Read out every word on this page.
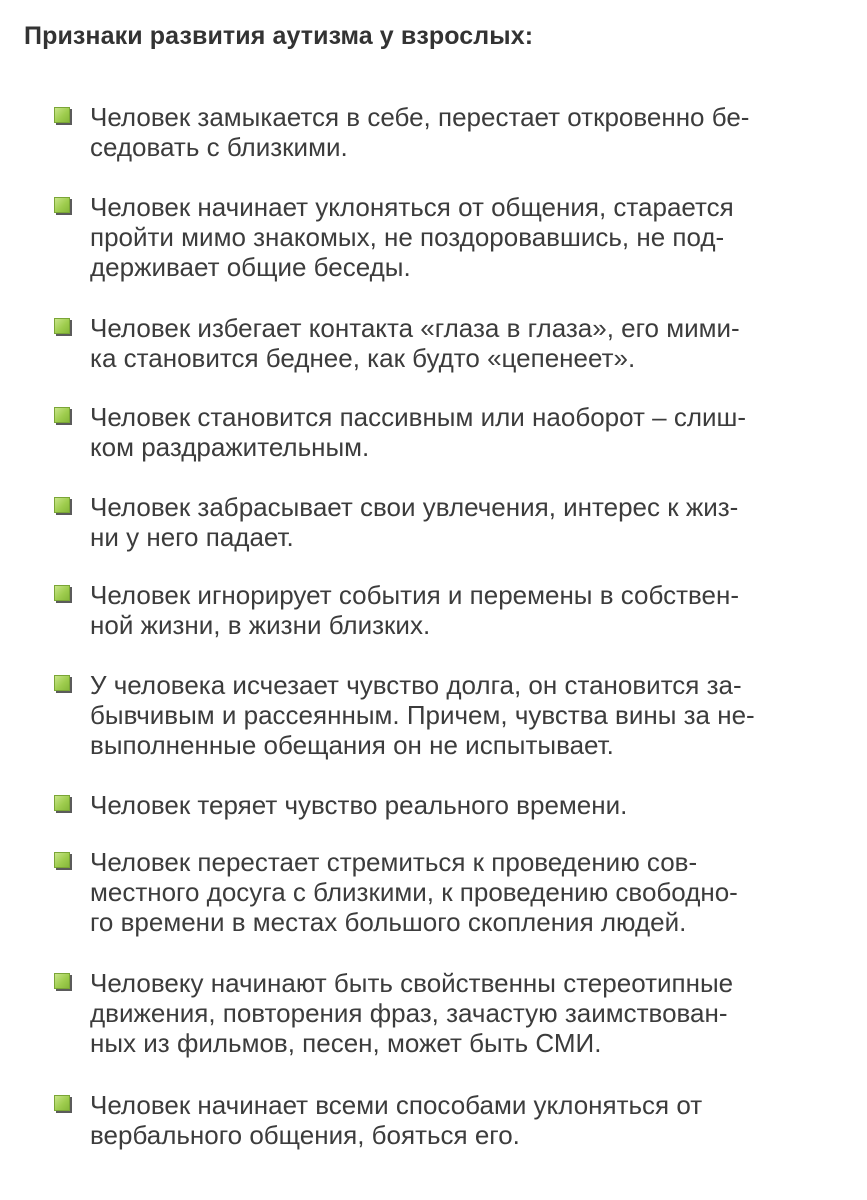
Признаки развития аутизма у взрослых:
Человек замыкается в себе, перестает откровенно бе-
седовать с близкими.
Человек начинает уклоняться от общения, старается
пройти мимо знакомых, не поздоровавшись, не под-
держивает общие беседы.
Человек избегает контакта «глаза в глаза», его мими-
ка становится беднее, как будто «цепенеет».
Человек становится пассивным или наоборот – слиш-
ком раздражительным.
Человек забрасывает свои увлечения, интерес к жиз-
ни у него падает.
Человек игнорирует события и перемены в собствен-
ной жизни, в жизни близких.
У человека исчезает чувство долга, он становится за-
бывчивым и рассеянным. Причем, чувства вины за не-
выполненные обещания он не испытывает.
Человек теряет чувство реального времени.
Человек перестает стремиться к проведению сов-
местного досуга с близкими, к проведению свободно-
го времени в местах большого скопления людей.
Человеку начинают быть свойственны стереотипные
движения, повторения фраз, зачастую заимствован-
ных из фильмов, песен, может быть СМИ.
Человек начинает всеми способами уклоняться от
вербального общения, бояться его.
